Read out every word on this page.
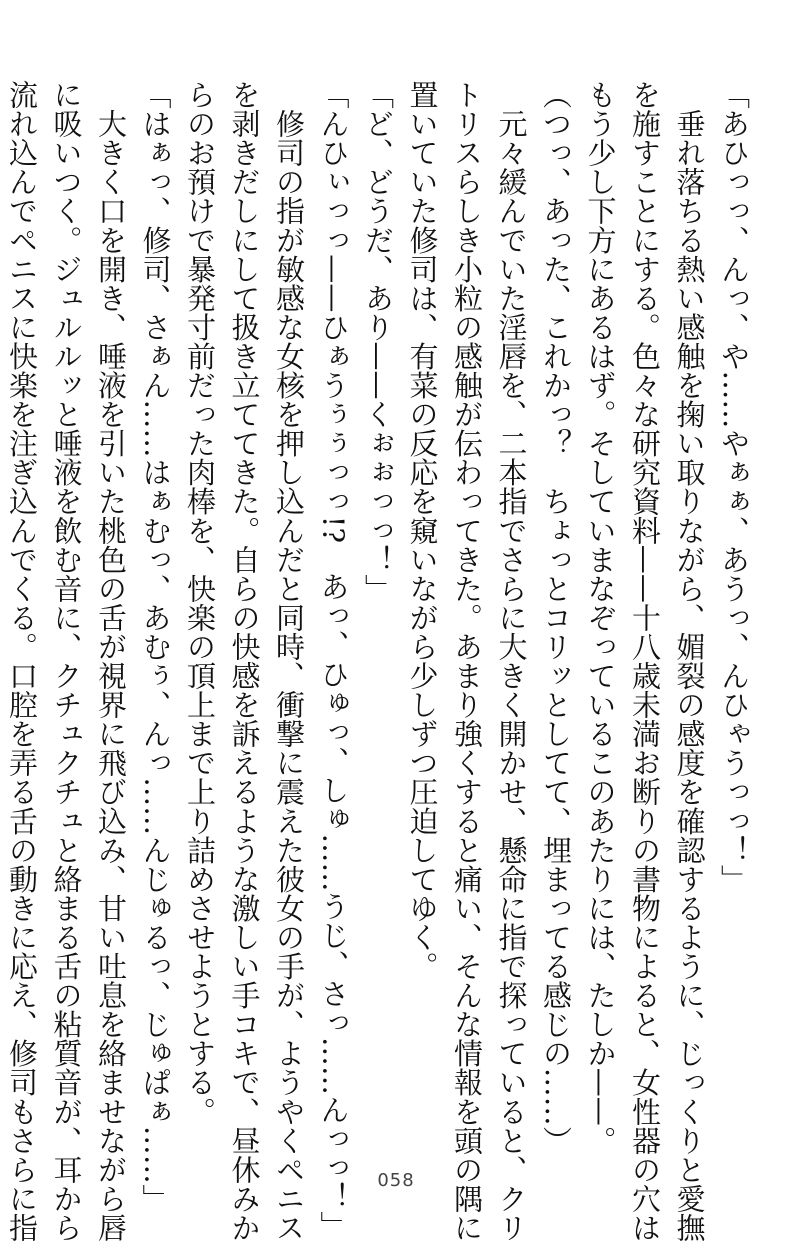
「あひっっ、んっ、や……やぁぁ、あうっ、んひゃうっっ！」
　垂れ落ちる熱い感触を掬い取りながら、媚裂の感度を確認するように、じっくりと愛撫
を施すことにする。色々な研究資料——十八歳未満お断りの書物によると、女性器の穴は
もう少し下方にあるはず。そしていまなぞっているこのあたりには、たしか——。
（つっ、あった、これかっ？　ちょっとコリッとしてて、埋まってる感じの……）
　元々緩んでいた淫唇を、二本指でさらに大きく開かせ、懸命に指で探っていると、クリ
トリスらしき小粒の感触が伝わってきた。あまり強くすると痛い、そんな情報を頭の隅に
置いていた修司は、有菜の反応を窺いながら少しずつ圧迫してゆく。
「ど、どうだ、あり——くぉぉっっ！」
「んひぃっっ——ひぁうぅぅっっ!?　あっ、ひゅっ、しゅ……うじ、さっ……んっっ！」
　修司の指が敏感な女核を押し込んだと同時、衝撃に震えた彼女の手が、ようやくペニス
を剥きだしにして扱き立ててきた。自らの快感を訴えるような激しい手コキで、昼休みか
らのお預けで暴発寸前だった肉棒を、快楽の頂上まで上り詰めさせようとする。
「はぁっ、修司、さぁん……はぁむっ、あむぅ、んっ……んじゅるっ、じゅぱぁ……」
　大きく口を開き、唾液を引いた桃色の舌が視界に飛び込み、甘い吐息を絡ませながら唇
に吸いつく。ジュルルッと唾液を飲む音に、クチュクチュと絡まる舌の粘質音が、耳から
流れ込んでペニスに快楽を注ぎ込んでくる。口腔を弄る舌の動きに応え、修司もさらに指	058
